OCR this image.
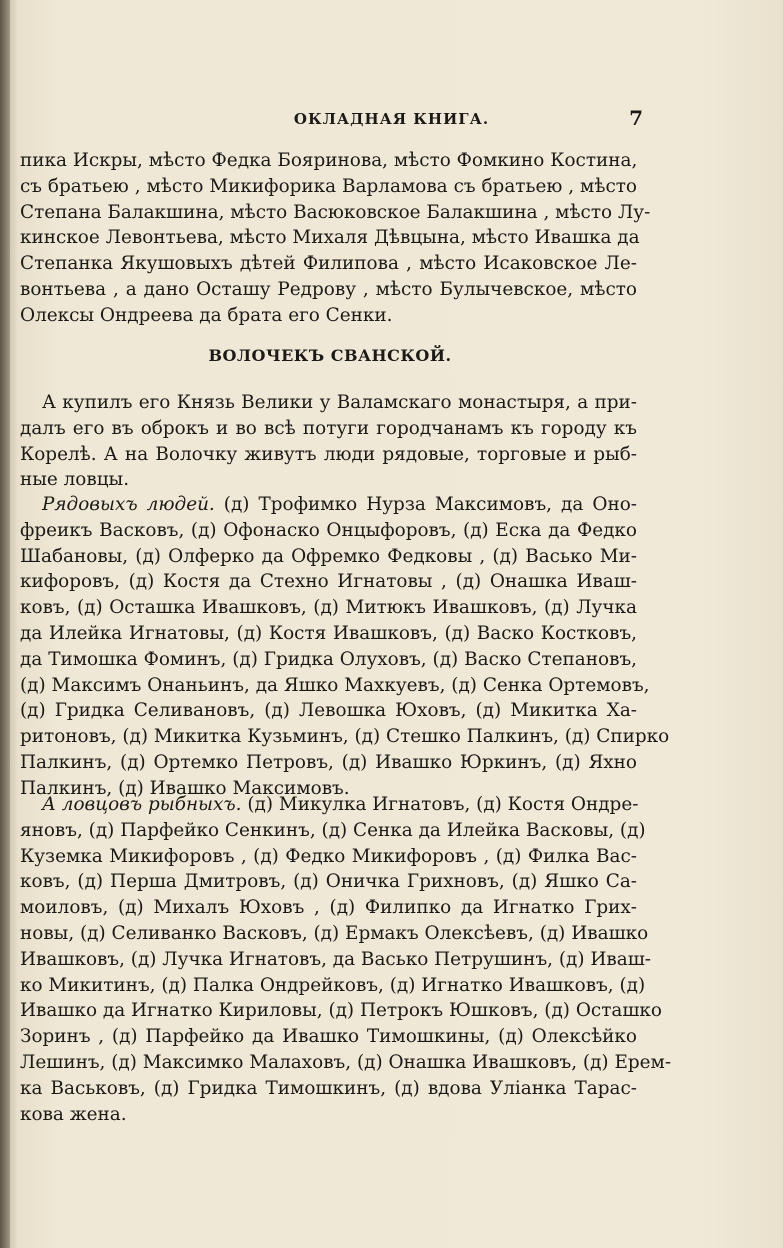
ОКЛАДНАЯ КНИГА.	7
пика Искры, мѣсто Федка Бояринова, мѣсто Фомкино Костина,
съ братьею , мѣсто Микифорика Варламова съ братьею , мѣсто
Степана Балакшина, мѣсто Васюковское Балакшина , мѣсто Лу-
кинское Левонтьева, мѣсто Михаля Дѣвцына, мѣсто Ивашка да
Степанка Якушовыхъ дѣтей Филипова , мѣсто Исаковское Ле-
вонтьева , а дано Осташу Редрову , мѣсто Булычевское, мѣсто
Олексы Ондреева да брата его Сенки.
ВОЛОЧЕКЪ СВАНСКОЙ.
А купилъ его Князь Велики у Валамскаго монастыря, а при-
далъ его въ оброкъ и во всѣ потуги городчанамъ къ городу къ
Корелѣ. А на Волочку живутъ люди рядовые, торговые и рыб-
ные ловцы.
Рядовыхъ людей. (д) Трофимко Нурза Максимовъ, да Оно-
фреикъ Васковъ, (д) Офонаско Онцыфоровъ, (д) Еска да Федко
Шабановы, (д) Олферко да Офремко Федковы , (д) Васько Ми-
кифоровъ, (д) Костя да Стехно Игнатовы , (д) Онашка Иваш-
ковъ, (д) Осташка Ивашковъ, (д) Митюкъ Ивашковъ, (д) Лучка
да Илейка Игнатовы, (д) Костя Ивашковъ, (д) Васко Костковъ,
да Тимошка Фоминъ, (д) Гридка Олуховъ, (д) Васко Степановъ,
(д) Максимъ Онаньинъ, да Яшко Махкуевъ, (д) Сенка Ортемовъ,
(д) Гридка Селивановъ, (д) Левошка Юховъ, (д) Микитка Ха-
ритоновъ, (д) Микитка Кузьминъ, (д) Стешко Палкинъ, (д) Спирко
Палкинъ, (д) Ортемко Петровъ, (д) Ивашко Юркинъ, (д) Яхно
Палкинъ, (д) Ивашко Максимовъ.
А ловцовъ рыбныхъ. (д) Микулка Игнатовъ, (д) Костя Ондре-
яновъ, (д) Парфейко Сенкинъ, (д) Сенка да Илейка Васковы, (д)
Куземка Микифоровъ , (д) Федко Микифоровъ , (д) Филка Вас-
ковъ, (д) Перша Дмитровъ, (д) Оничка Грихновъ, (д) Яшко Са-
моиловъ, (д) Михалъ Юховъ , (д) Филипко да Игнатко Грих-
новы, (д) Селиванко Васковъ, (д) Ермакъ Олексѣевъ, (д) Ивашко
Ивашковъ, (д) Лучка Игнатовъ, да Васько Петрушинъ, (д) Иваш-
ко Микитинъ, (д) Палка Ондрейковъ, (д) Игнатко Ивашковъ, (д)
Ивашко да Игнатко Кириловы, (д) Петрокъ Юшковъ, (д) Осташко
Зоринъ , (д) Парфейко да Ивашко Тимошкины, (д) Олексѣйко
Лешинъ, (д) Максимко Малаховъ, (д) Онашка Ивашковъ, (д) Ерем-
ка Васьковъ, (д) Гридка Тимошкинъ, (д) вдова Уліанка Тарас-
кова жена.
